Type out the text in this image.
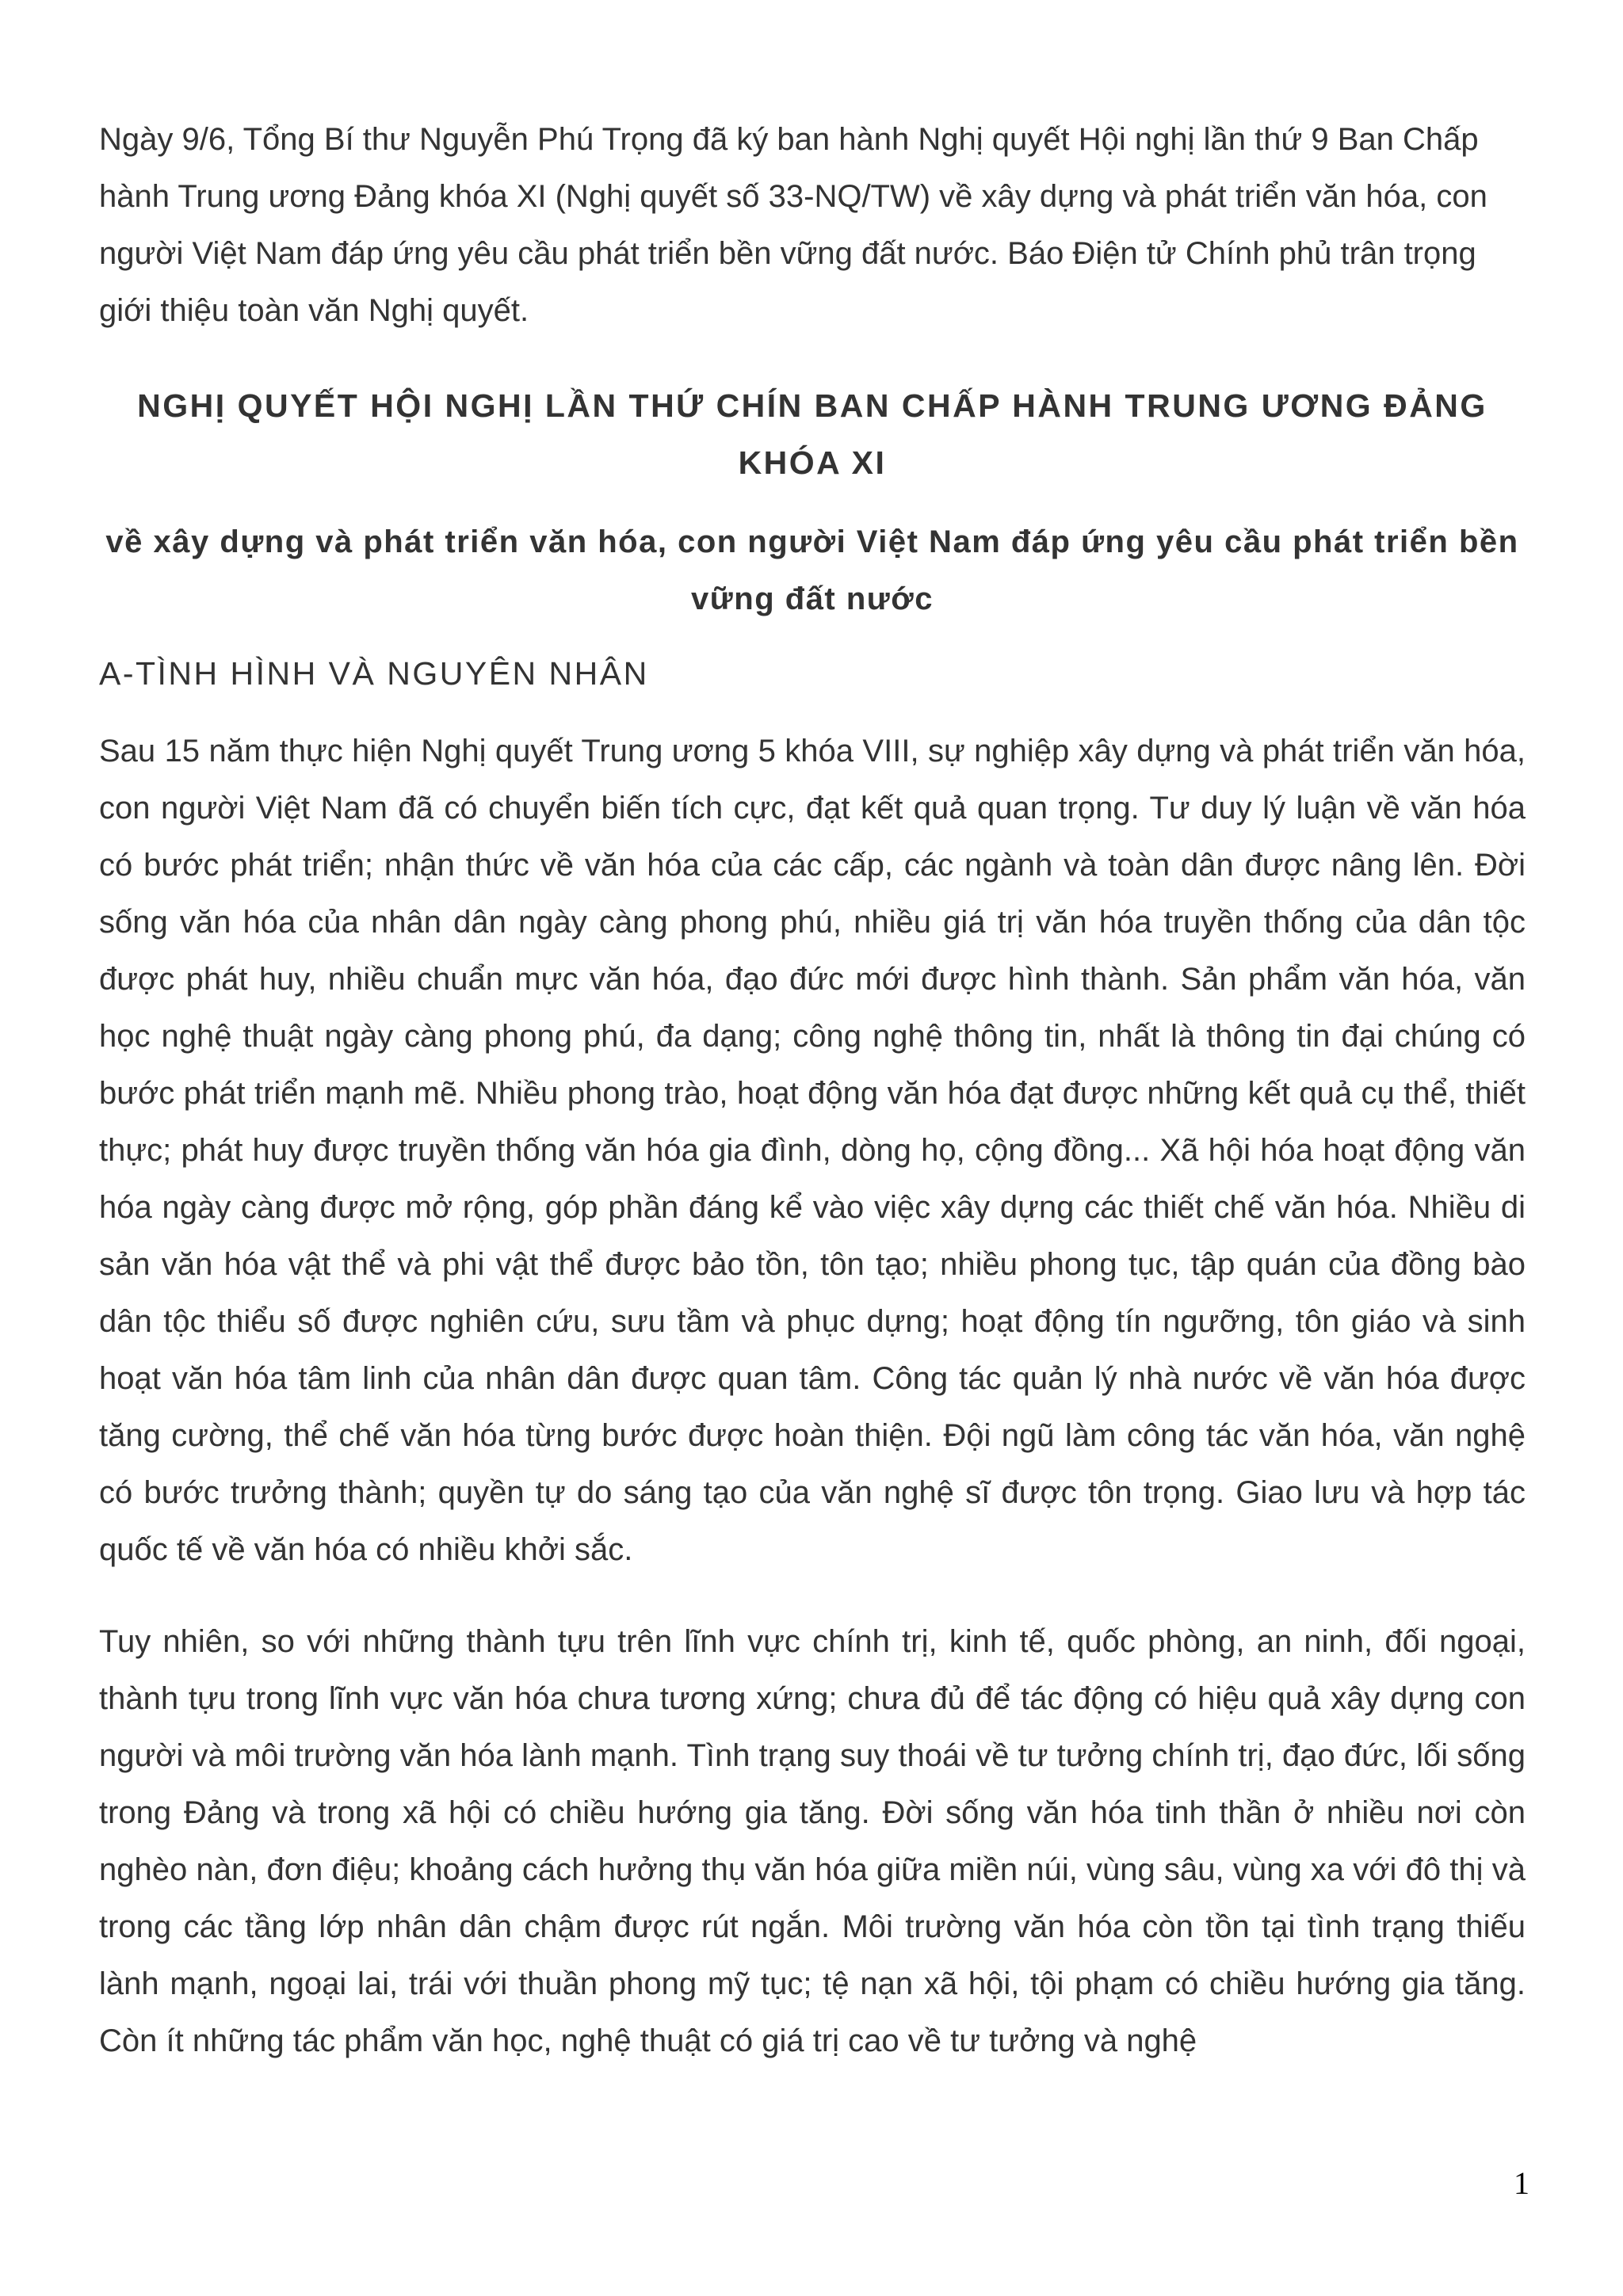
Ngày 9/6, Tổng Bí thư Nguyễn Phú Trọng đã ký ban hành Nghị quyết Hội nghị lần thứ 9 Ban Chấp hành Trung ương Đảng khóa XI (Nghị quyết số 33-NQ/TW) về xây dựng và phát triển văn hóa, con người Việt Nam đáp ứng yêu cầu phát triển bền vững đất nước. Báo Điện tử Chính phủ trân trọng giới thiệu toàn văn Nghị quyết.

NGHỊ QUYẾT HỘI NGHỊ LẦN THỨ CHÍN BAN CHẤP HÀNH TRUNG ƯƠNG ĐẢNG KHÓA XI
về xây dựng và phát triển văn hóa, con người Việt Nam đáp ứng yêu cầu phát triển bền vững đất nước
A-TÌNH HÌNH VÀ NGUYÊN NHÂN

Sau 15 năm thực hiện Nghị quyết Trung ương 5 khóa VIII, sự nghiệp xây dựng và phát triển văn hóa, con người Việt Nam đã có chuyển biến tích cực, đạt kết quả quan trọng. Tư duy lý luận về văn hóa có bước phát triển; nhận thức về văn hóa của các cấp, các ngành và toàn dân được nâng lên. Đời sống văn hóa của nhân dân ngày càng phong phú, nhiều giá trị văn hóa truyền thống của dân tộc được phát huy, nhiều chuẩn mực văn hóa, đạo đức mới được hình thành. Sản phẩm văn hóa, văn học nghệ thuật ngày càng phong phú, đa dạng; công nghệ thông tin, nhất là thông tin đại chúng có bước phát triển mạnh mẽ. Nhiều phong trào, hoạt động văn hóa đạt được những kết quả cụ thể, thiết thực; phát huy được truyền thống văn hóa gia đình, dòng họ, cộng đồng... Xã hội hóa hoạt động văn hóa ngày càng được mở rộng, góp phần đáng kể vào việc xây dựng các thiết chế văn hóa. Nhiều di sản văn hóa vật thể và phi vật thể được bảo tồn, tôn tạo; nhiều phong tục, tập quán của đồng bào dân tộc thiểu số được nghiên cứu, sưu tầm và phục dựng; hoạt động tín ngưỡng, tôn giáo và sinh hoạt văn hóa tâm linh của nhân dân được quan tâm. Công tác quản lý nhà nước về văn hóa được tăng cường, thể chế văn hóa từng bước được hoàn thiện. Đội ngũ làm công tác văn hóa, văn nghệ có bước trưởng thành; quyền tự do sáng tạo của văn nghệ sĩ được tôn trọng. Giao lưu và hợp tác quốc tế về văn hóa có nhiều khởi sắc.

Tuy nhiên, so với những thành tựu trên lĩnh vực chính trị, kinh tế, quốc phòng, an ninh, đối ngoại, thành tựu trong lĩnh vực văn hóa chưa tương xứng; chưa đủ để tác động có hiệu quả xây dựng con người và môi trường văn hóa lành mạnh. Tình trạng suy thoái về tư tưởng chính trị, đạo đức, lối sống trong Đảng và trong xã hội có chiều hướng gia tăng. Đời sống văn hóa tinh thần ở nhiều nơi còn nghèo nàn, đơn điệu; khoảng cách hưởng thụ văn hóa giữa miền núi, vùng sâu, vùng xa với đô thị và trong các tầng lớp nhân dân chậm được rút ngắn. Môi trường văn hóa còn tồn tại tình trạng thiếu lành mạnh, ngoại lai, trái với thuần phong mỹ tục; tệ nạn xã hội, tội phạm có chiều hướng gia tăng. Còn ít những tác phẩm văn học, nghệ thuật có giá trị cao về tư tưởng và nghệ

1
